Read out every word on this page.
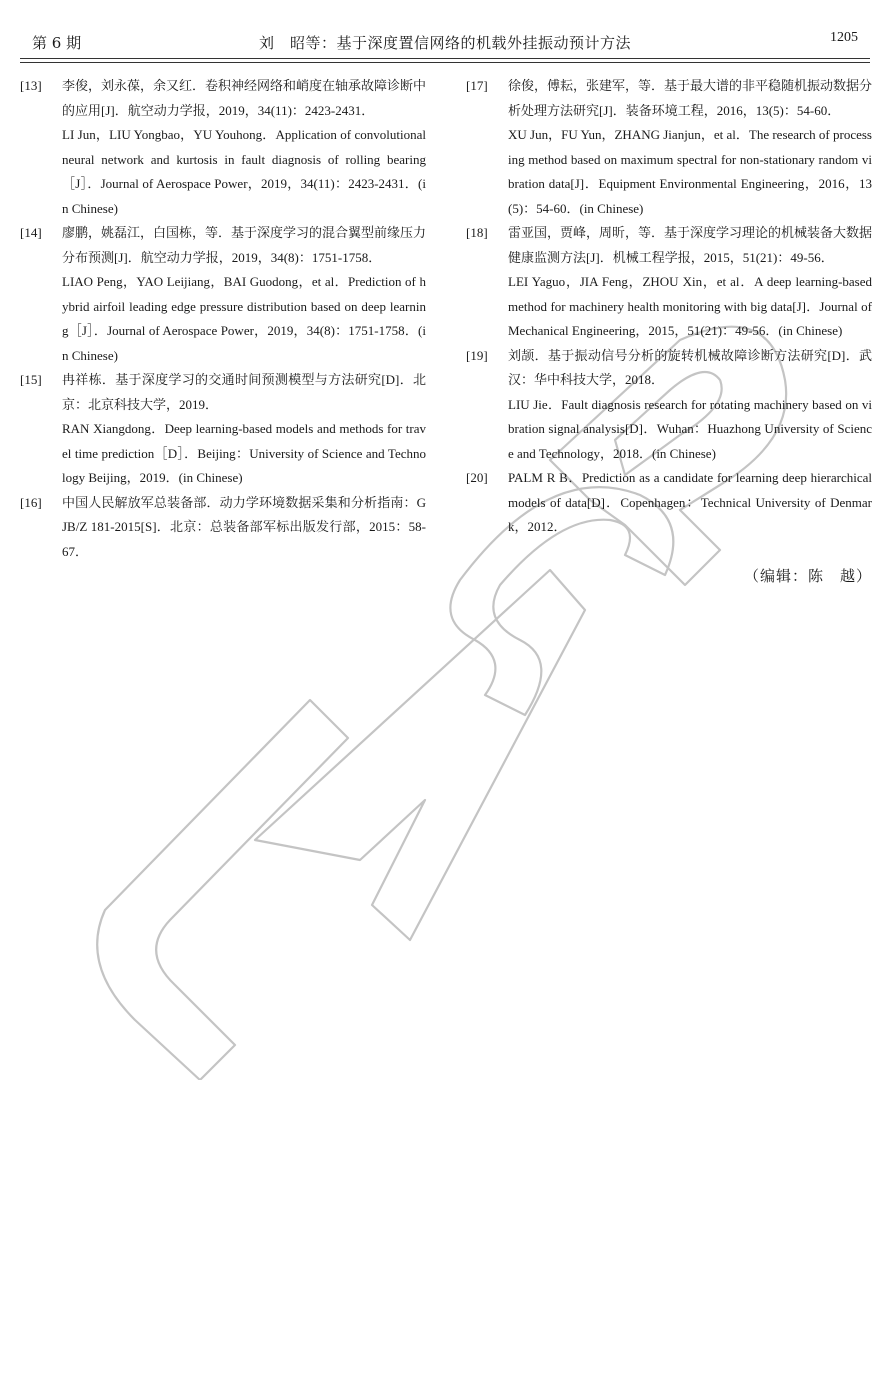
第 6 期	刘　昭等：基于深度置信网络的机载外挂振动预计方法	1205
[13] 李俊，刘永葆，余又红．卷积神经网络和峭度在轴承故障诊断中的应用[J]．航空动力学报，2019，34(11)：2423-2431．
LI Jun，LIU Yongbao，YU Youhong．Application of convolutional neural network and kurtosis in fault diagnosis of rolling bearing［J］．Journal of Aerospace Power，2019，34(11)：2423-2431．(in Chinese)
[14] 廖鹏，姚磊江，白国栋，等．基于深度学习的混合翼型前缘压力分布预测[J]．航空动力学报，2019，34(8)：1751-1758．
LIAO Peng，YAO Leijiang，BAI Guodong，et al．Prediction of hybrid airfoil leading edge pressure distribution based on deep learning［J］．Journal of Aerospace Power，2019，34(8)：1751-1758．(in Chinese)
[15] 冉祥栋．基于深度学习的交通时间预测模型与方法研究[D]．北京：北京科技大学，2019．
RAN Xiangdong．Deep learning-based models and methods for travel time prediction［D］．Beijing：University of Science and Technology Beijing，2019．(in Chinese)
[16] 中国人民解放军总装备部．动力学环境数据采集和分析指南：GJB/Z 181-2015[S]．北京：总装备部军标出版发行部，2015：58-67．
[17] 徐俊，傅耘，张建军，等．基于最大谱的非平稳随机振动数据分析处理方法研究[J]．装备环境工程，2016，13(5)：54-60．
XU Jun，FU Yun，ZHANG Jianjun，et al．The research of processing method based on maximum spectral for non-stationary random vibration data[J]．Equipment Environmental Engineering，2016，13(5)：54-60．(in Chinese)
[18] 雷亚国，贾峰，周昕，等．基于深度学习理论的机械装备大数据健康监测方法[J]．机械工程学报，2015，51(21)：49-56．
LEI Yaguo，JIA Feng，ZHOU Xin，et al．A deep learning-based method for machinery health monitoring with big data[J]．Journal of Mechanical Engineering，2015，51(21)：49-56．(in Chinese)
[19] 刘颉．基于振动信号分析的旋转机械故障诊断方法研究[D]．武汉：华中科技大学，2018．
LIU Jie．Fault diagnosis research for rotating machinery based on vibration signal analysis[D]．Wuhan：Huazhong University of Science and Technology，2018．(in Chinese)
[20] PALM R B．Prediction as a candidate for learning deep hierarchical models of data[D]．Copenhagen：Technical University of Denmark，2012．
（编辑：陈　越）
